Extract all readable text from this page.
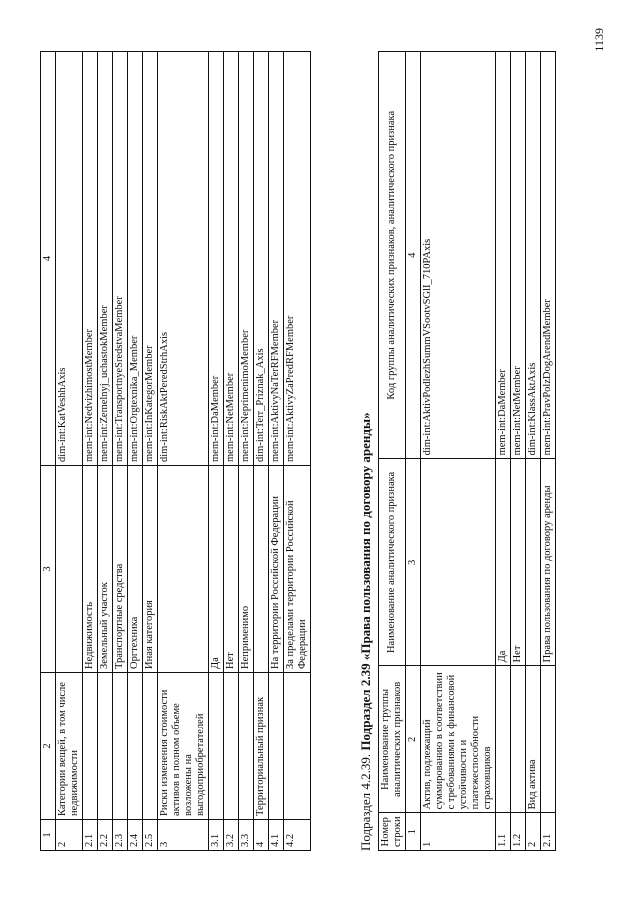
1139
1	2	3	4
2	Категории вещей, в том числе недвижимости		dim-int:KatVeshhAxis
2.1		Недвижимость	mem-int:NedvizhimostMember
2.2		Земельный участок	mem-int:Zemelnyj_uchastokMember
2.3		Транспортные средства	mem-int:TransportnyeSredstvaMember
2.4		Оргтехника	mem-int:Orgtexnika_Member
2.5		Иная категория	mem-int:InKategorMember
3	Риски изменения стоимости активов в полном объеме возложены на выгодоприобретателей		dim-int:RiskAktPeredStrhAxis
3.1		Да	mem-int:DaMember
3.2		Нет	mem-int:NetMember
3.3		Неприменимо	mem-int:NeprimenimoMember
4	Территориальный признак		dim-int:Terr_Priznak_Axis
4.1		На территории Российской Федерации	mem-int:AktivyNaTerRFMember
4.2		За пределами территории Российской Федерации	mem-int:AktivyZaPredRFMember
Подраздел 4.2.39. Подраздел 2.39 «Права пользования по договору аренды»
Номер строки	Наименование группы аналитических признаков	Наименование аналитического признака	Код группы аналитических признаков, аналитического признака
1	2	3	4
1	Актив, подлежащий суммированию в соответствии с требованиями к финансовой устойчивости и платежеспособности страховщиков		dim-int:AktivPodlezhSummVSootvSGlI_710PAxis
1.1		Да	mem-int:DaMember
1.2		Нет	mem-int:NetMember
2	Вид актива		dim-int:KlassAktAxis
2.1		Права пользования по договору аренды	mem-int:PravPolzDogArendMember
